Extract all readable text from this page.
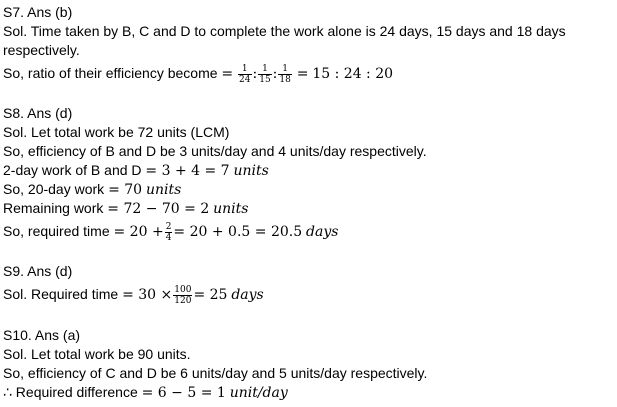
S7. Ans (b)
Sol. Time taken by B, C and D to complete the work alone is 24 days, 15 days and 18 days
respectively.
So, ratio of their efficiency become = $\frac{1}{24}$ : $\frac{1}{15}$ : $\frac{1}{18} = 15$ : 24 : 20
S8. Ans (d)
Sol. Let total work be 72 units (LCM)
So, efficiency of B and D be 3 units/day and 4 units/day respectively.
2-day work of B and D = 3 + 4 = 7 units
So, 20-day work = 70 units
Remaining work = 72 − 70 = 2 units
So, required time = $20 + \frac{2}{4} = 20 + 0.5 = 20.5$ days
S9. Ans (d)
Sol. Required time = $30 \times \frac{100}{120} = 25$ days
S10. Ans (a)
Sol. Let total work be 90 units.
So, efficiency of C and D be 6 units/day and 5 units/day respectively.
∴ Required difference = 6 − 5 = 1 unit/day
